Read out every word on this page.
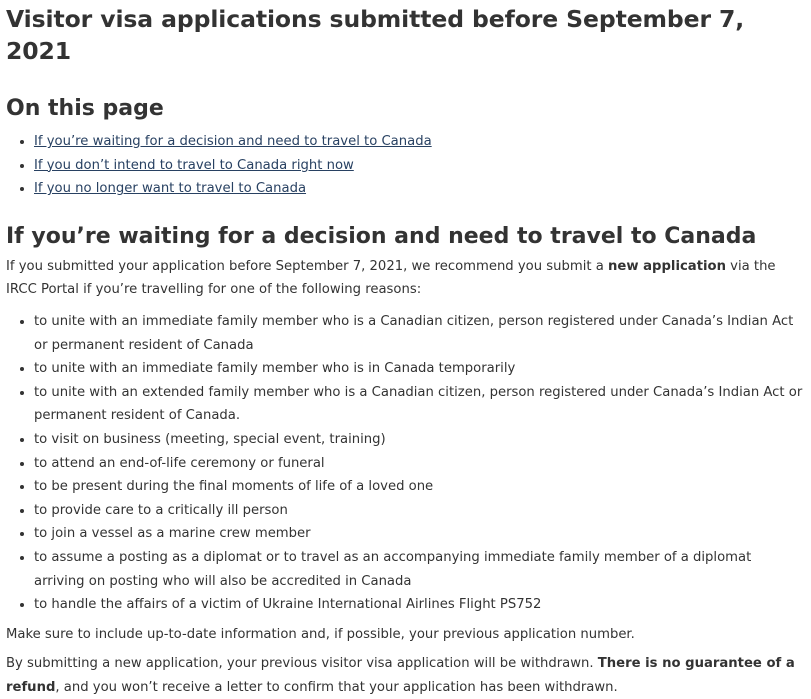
Visitor visa applications submitted before September 7, 2021
On this page
• If you’re waiting for a decision and need to travel to Canada
• If you don’t intend to travel to Canada right now
• If you no longer want to travel to Canada
If you’re waiting for a decision and need to travel to Canada

If you submitted your application before September 7, 2021, we recommend you submit a new application via the IRCC Portal if you’re travelling for one of the following reasons:

• to unite with an immediate family member who is a Canadian citizen, person registered under Canada’s Indian Act or permanent resident of Canada
• to unite with an immediate family member who is in Canada temporarily
• to unite with an extended family member who is a Canadian citizen, person registered under Canada’s Indian Act or permanent resident of Canada.
• to visit on business (meeting, special event, training)
• to attend an end-of-life ceremony or funeral
• to be present during the final moments of life of a loved one
• to provide care to a critically ill person
• to join a vessel as a marine crew member
• to assume a posting as a diplomat or to travel as an accompanying immediate family member of a diplomat arriving on posting who will also be accredited in Canada
• to handle the affairs of a victim of Ukraine International Airlines Flight PS752

Make sure to include up-to-date information and, if possible, your previous application number.

By submitting a new application, your previous visitor visa application will be withdrawn. There is no guarantee of a refund, and you won’t receive a letter to confirm that your application has been withdrawn.
